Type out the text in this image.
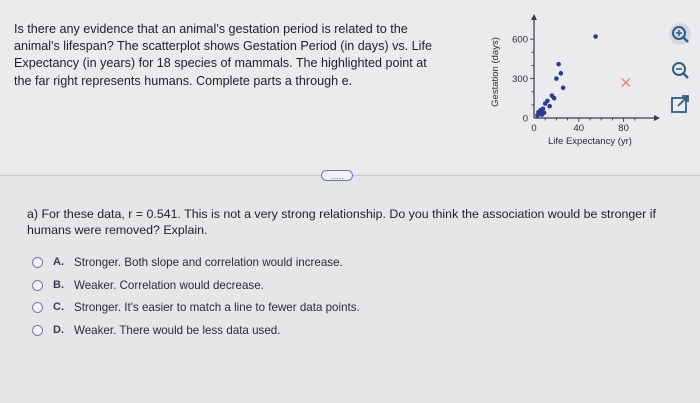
Is there any evidence that an animal's gestation period is related to the animal's lifespan? The scatterplot shows Gestation Period (in days) vs. Life Expectancy (in years) for 18 species of mammals. The highlighted point at the far right represents humans. Complete parts a through e.
0	40	80
0
300
600
Life Expectancy (yr)
Gestation (days)
.....
a) For these data, r = 0.541. This is not a very strong relationship. Do you think the association would be stronger if humans were removed? Explain.
A. Stronger. Both slope and correlation would increase.
B. Weaker. Correlation would decrease.
C. Stronger. It's easier to match a line to fewer data points.
D. Weaker. There would be less data used.
